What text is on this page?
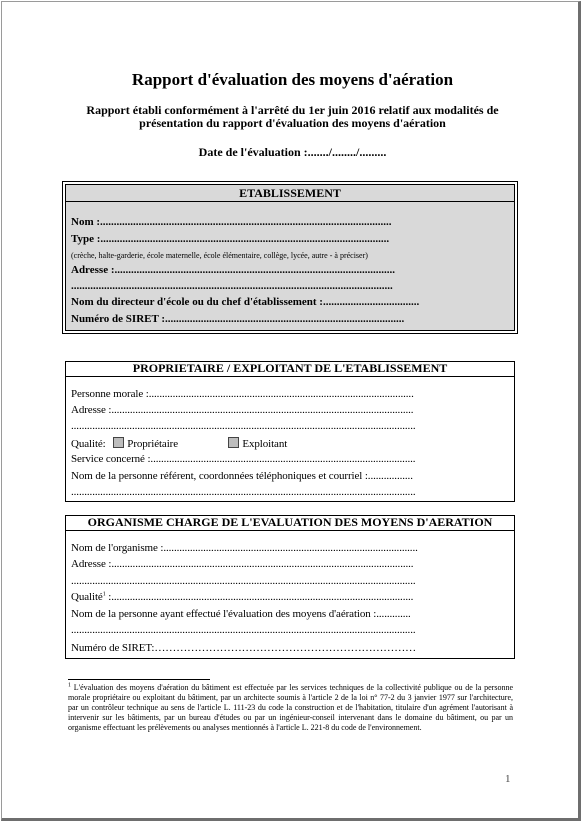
Rapport d'évaluation des moyens d'aération
Rapport établi conformément à l'arrêté du 1er juin 2016 relatif aux modalités de présentation du rapport d'évaluation des moyens d'aération
Date de l'évaluation :......./......../.........
ETABLISSEMENT
Nom :..........................................................................................................
Type :.........................................................................................................
(crèche, halte-garderie, école maternelle, école élémentaire, collège, lycée, autre - à préciser)
Adresse :......................................................................................................
.....................................................................................................................
Nom du directeur d'école ou du chef d'établissement :...................................
Numéro de SIRET :.......................................................................................
PROPRIETAIRE / EXPLOITANT DE L'ETABLISSEMENT
Personne morale :....................................................................................................
Adresse :..................................................................................................................
..................................................................................................................................
Qualité: Propriétaire	Exploitant
Service concerné :....................................................................................................
Nom de la personne référent, coordonnées téléphoniques et courriel :.................
..................................................................................................................................
ORGANISME CHARGE DE L'EVALUATION DES MOYENS D'AERATION
Nom de l'organisme :................................................................................................
Adresse :..................................................................................................................
..................................................................................................................................
Qualité$^1$ :..................................................................................................................
Nom de la personne ayant effectué l'évaluation des moyens d'aération :.............
..................................................................................................................................
Numéro de SIRET:………………………………………………………………
$^1$ L'évaluation des moyens d'aération du bâtiment est effectuée par les services techniques de la collectivité publique ou de la personne morale propriétaire ou exploitant du bâtiment, par un architecte soumis à l'article 2 de la loi n° 77-2 du 3 janvier 1977 sur l'architecture, par un contrôleur technique au sens de l'article L. 111-23 du code la construction et de l'habitation, titulaire d'un agrément l'autorisant à intervenir sur les bâtiments, par un bureau d'études ou par un ingénieur-conseil intervenant dans le domaine du bâtiment, ou par un organisme effectuant les prélèvements ou analyses mentionnés à l'article L. 221-8 du code de l'environnement.
1
